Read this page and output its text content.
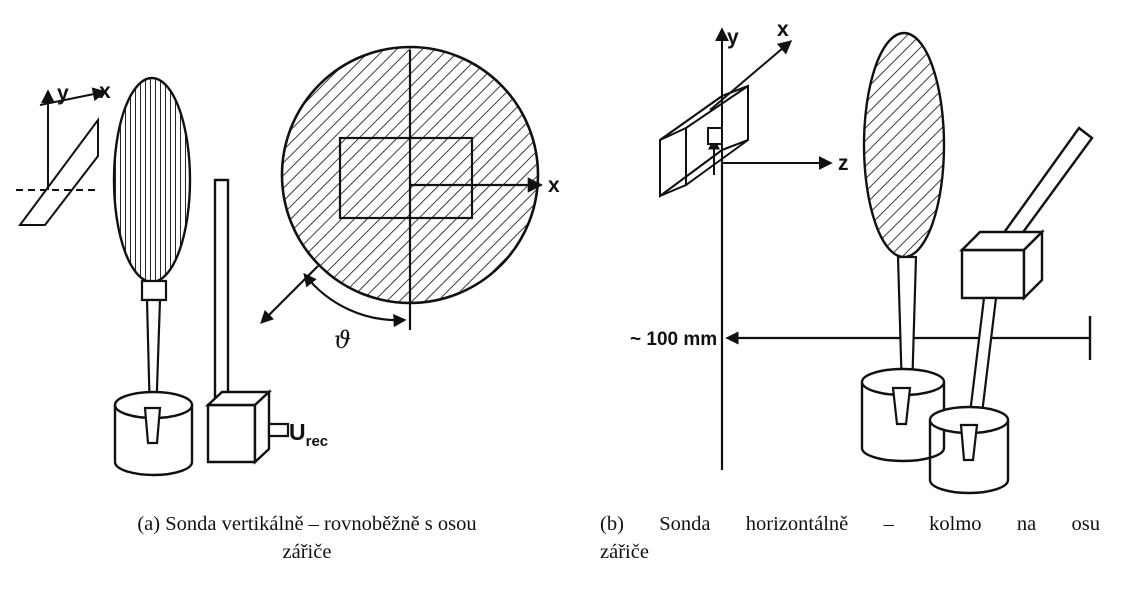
y x
$U_{rec}$
x
ϑ
y x
z
~ 100 mm
(a) Sonda vertikálně – rovnoběžně s osou
zářiče
(b) Sonda horizontálně – kolmo na osu
zářiče
